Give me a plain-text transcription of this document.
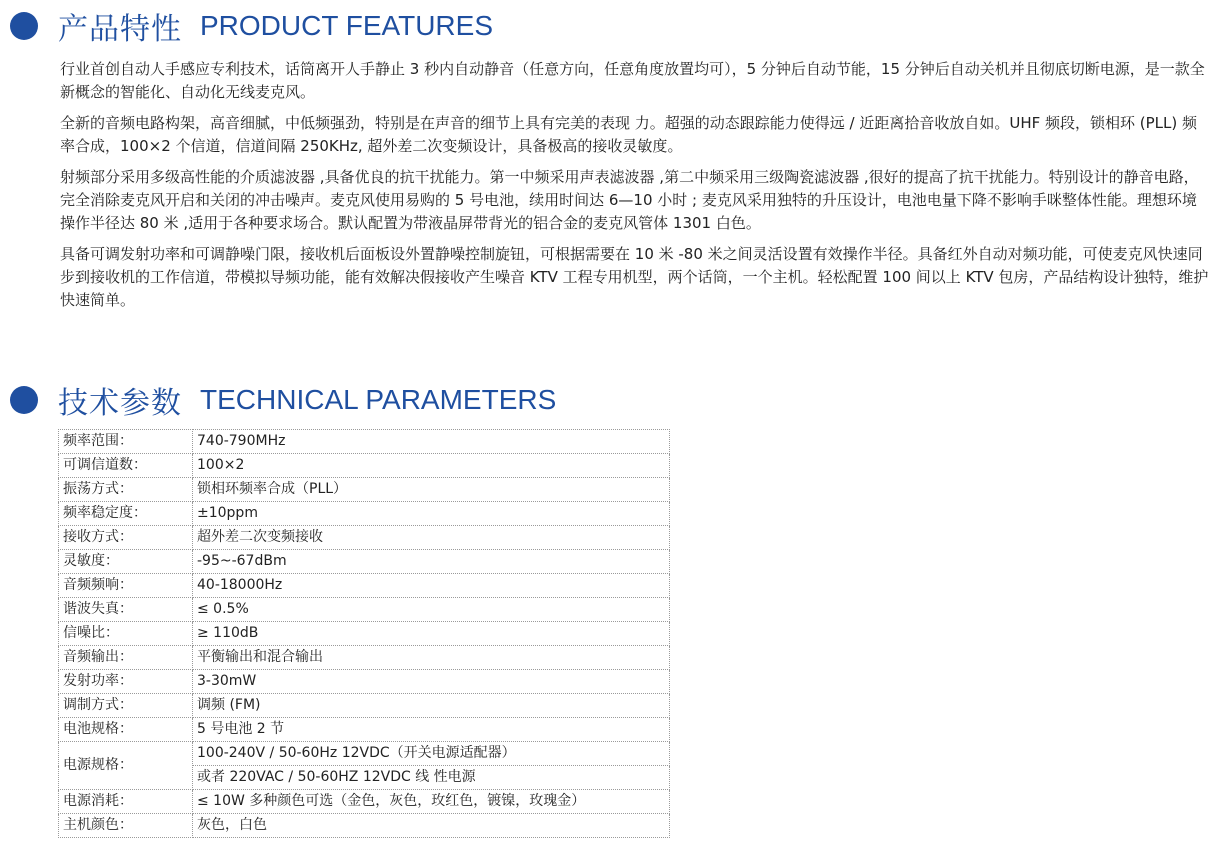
产品特性 PRODUCT FEATURES

行业首创自动人手感应专利技术，话筒离开人手静止 3 秒内自动静音（任意方向，任意角度放置均可），5 分钟后自动节能，15 分钟后自动关机并且彻底切断电源，是一款全新概念的智能化、自动化无线麦克风。

全新的音频电路构架，高音细腻，中低频强劲，特别是在声音的细节上具有完美的表现 力。超强的动态跟踪能力使得远 / 近距离拾音收放自如。UHF 频段，锁相环 (PLL) 频率合成，100×2 个信道，信道间隔 250KHz, 超外差二次变频设计，具备极高的接收灵敏度。

射频部分采用多级高性能的介质滤波器 ,具备优良的抗干扰能力。第一中频采用声表滤波器 ,第二中频采用三级陶瓷滤波器 ,很好的提高了抗干扰能力。特别设计的静音电路，完全消除麦克风开启和关闭的冲击噪声。麦克风使用易购的 5 号电池，续用时间达 6—10 小时 ; 麦克风采用独特的升压设计，电池电量下降不影响手咪整体性能。理想环境操作半径达 80 米 ,适用于各种要求场合。默认配置为带液晶屏带背光的铝合金的麦克风管体 1301 白色。

具备可调发射功率和可调静噪门限，接收机后面板设外置静噪控制旋钮，可根据需要在 10 米 -80 米之间灵活设置有效操作半径。具备红外自动对频功能，可使麦克风快速同步到接收机的工作信道，带模拟导频功能，能有效解决假接收产生噪音 KTV 工程专用机型，两个话筒，一个主机。轻松配置 100 间以上 KTV 包房，产品结构设计独特，维护快速简单。

技术参数 TECHNICAL PARAMETERS
频率范围：	740-790MHz
可调信道数：	100×2
振荡方式：	锁相环频率合成（PLL）
频率稳定度：	±10ppm
接收方式：	超外差二次变频接收
灵敏度：	-95~-67dBm
音频频响：	40-18000Hz
谐波失真：	≤ 0.5%
信噪比：	≥ 110dB
音频输出：	平衡输出和混合输出
发射功率：	3-30mW
调制方式：	调频 (FM)
电池规格：	5 号电池 2 节
电源规格：	100-240V / 50-60Hz 12VDC（开关电源适配器）
	或者 220VAC / 50-60HZ 12VDC 线 性电源
电源消耗：	≤ 10W 多种颜色可选（金色，灰色，玫红色，镀镍，玫瑰金）
主机颜色：	灰色，白色
